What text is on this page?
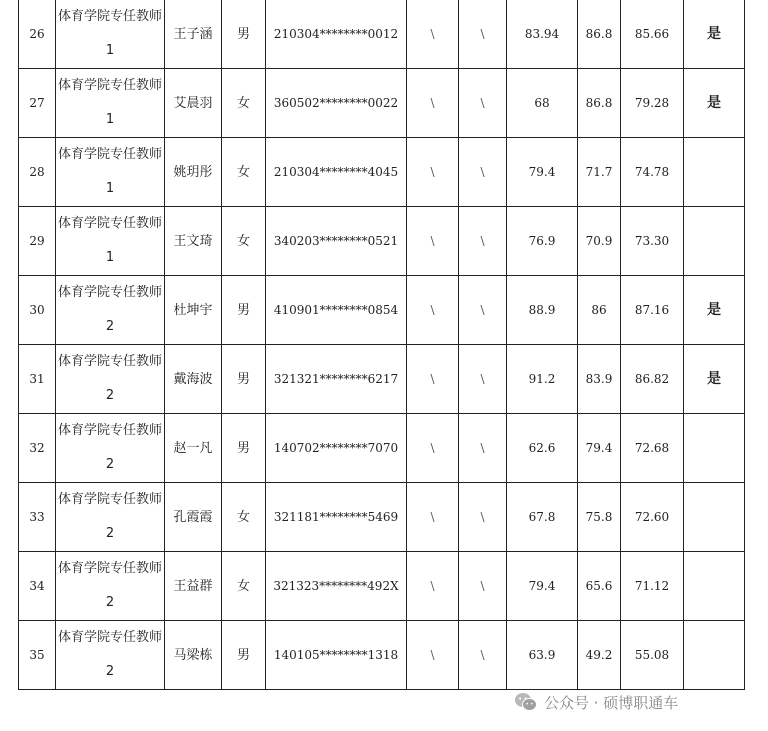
26	体育学院专任教师1	王子涵	男	210304********0012	\	\	83.94	86.8	85.66	是
27	体育学院专任教师1	艾晨羽	女	360502********0022	\	\	68	86.8	79.28	是
28	体育学院专任教师1	姚玥彤	女	210304********4045	\	\	79.4	71.7	74.78	
29	体育学院专任教师1	王文琦	女	340203********0521	\	\	76.9	70.9	73.30	
30	体育学院专任教师2	杜坤宇	男	410901********0854	\	\	88.9	86	87.16	是
31	体育学院专任教师2	戴海波	男	321321********6217	\	\	91.2	83.9	86.82	是
32	体育学院专任教师2	赵一凡	男	140702********7070	\	\	62.6	79.4	72.68	
33	体育学院专任教师2	孔霞霞	女	321181********5469	\	\	67.8	75.8	72.60	
34	体育学院专任教师2	王益群	女	321323********492X	\	\	79.4	65.6	71.12	
35	体育学院专任教师2	马梁栋	男	140105********1318	\	\	63.9	49.2	55.08	
公众号 · 硕博职通车
